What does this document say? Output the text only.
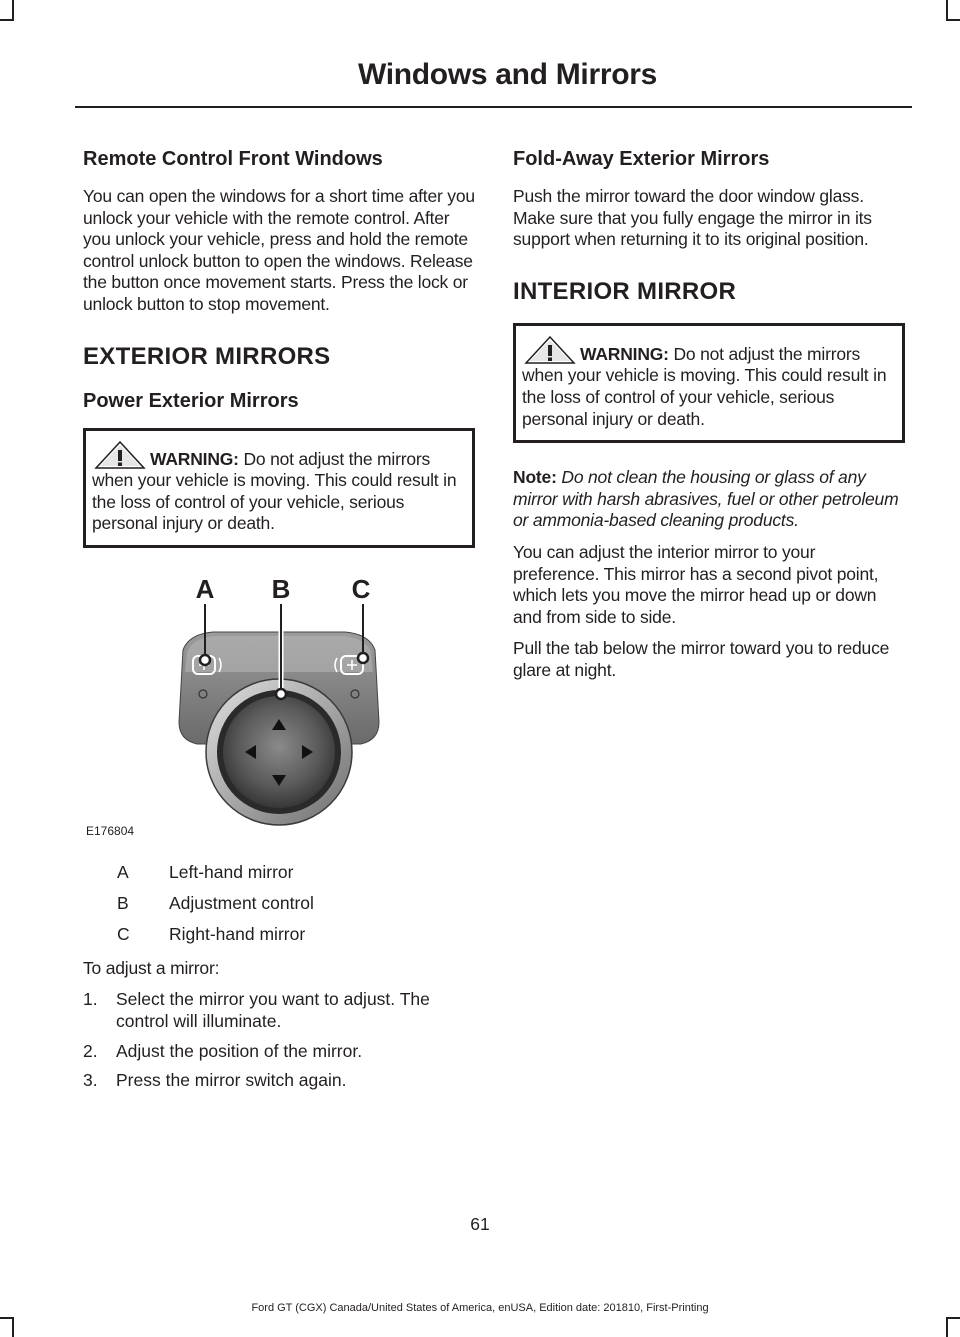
Windows and Mirrors
Remote Control Front Windows

You can open the windows for a short time after you unlock your vehicle with the remote control. After you unlock your vehicle, press and hold the remote control unlock button to open the windows. Release the button once movement starts. Press the lock or unlock button to stop movement.

EXTERIOR MIRRORS
Power Exterior Mirrors
WARNING: Do not adjust the mirrors when your vehicle is moving. This could result in the loss of control of your vehicle, serious personal injury or death.
A B C
E176804
A	Left-hand mirror
B	Adjustment control
C	Right-hand mirror

To adjust a mirror:

1.	Select the mirror you want to adjust. The control will illuminate.
2.	Adjust the position of the mirror.
3.	Press the mirror switch again.
Fold-Away Exterior Mirrors

Push the mirror toward the door window glass. Make sure that you fully engage the mirror in its support when returning it to its original position.

INTERIOR MIRROR
WARNING: Do not adjust the mirrors when your vehicle is moving. This could result in the loss of control of your vehicle, serious personal injury or death.

Note: Do not clean the housing or glass of any mirror with harsh abrasives, fuel or other petroleum or ammonia-based cleaning products.

You can adjust the interior mirror to your preference. This mirror has a second pivot point, which lets you move the mirror head up or down and from side to side.

Pull the tab below the mirror toward you to reduce glare at night.

61
Ford GT (CGX) Canada/United States of America, enUSA, Edition date: 201810, First-Printing
